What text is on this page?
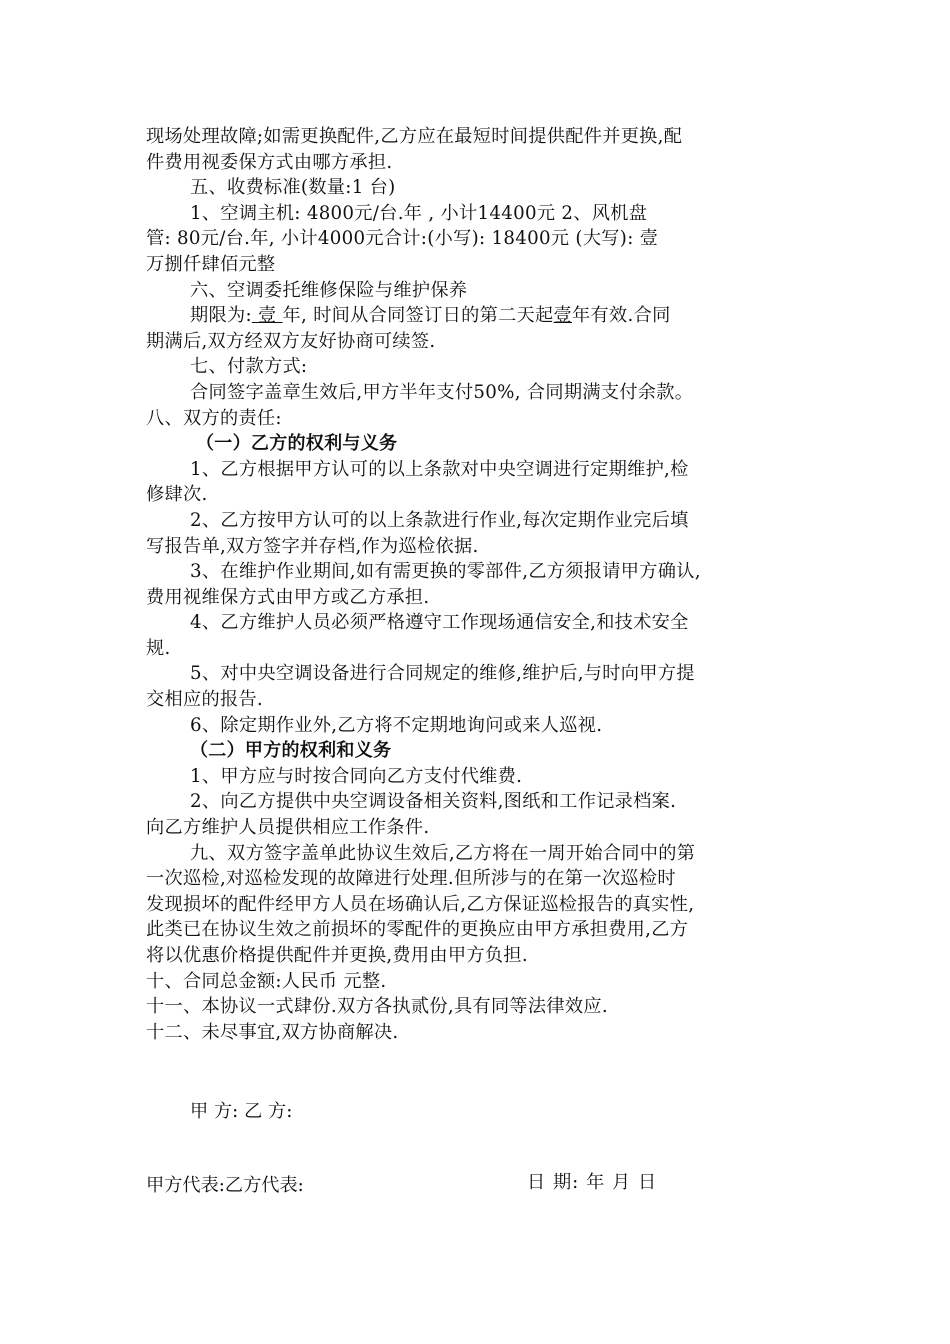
现场处理故障;如需更换配件,乙方应在最短时间提供配件并更换,配
件费用视委保方式由哪方承担.
五、收费标准(数量:1 台)
1、空调主机: 4800元/台.年 , 小计14400元 2、风机盘
管: 80元/台.年, 小计4000元合计:(小写): 18400元 (大写): 壹
万捌仟肆佰元整
六、空调委托维修保险与维护保养
期限为: 壹 年, 时间从合同签订日的第二天起壹年有效.合同
期满后,双方经双方友好协商可续签.
七、付款方式:
合同签字盖章生效后,甲方半年支付50%, 合同期满支付余款。
八、双方的责任:
（一）乙方的权利与义务
1、乙方根据甲方认可的以上条款对中央空调进行定期维护,检
修肆次.
2、乙方按甲方认可的以上条款进行作业,每次定期作业完后填
写报告单,双方签字并存档,作为巡检依据.
3、在维护作业期间,如有需更换的零部件,乙方须报请甲方确认,
费用视维保方式由甲方或乙方承担.
4、乙方维护人员必须严格遵守工作现场通信安全,和技术安全
规.
5、对中央空调设备进行合同规定的维修,维护后,与时向甲方提
交相应的报告.
6、除定期作业外,乙方将不定期地询问或来人巡视.
（二）甲方的权利和义务
1、甲方应与时按合同向乙方支付代维费.
2、向乙方提供中央空调设备相关资料,图纸和工作记录档案.
向乙方维护人员提供相应工作条件.
九、双方签字盖单此协议生效后,乙方将在一周开始合同中的第
一次巡检,对巡检发现的故障进行处理.但所涉与的在第一次巡检时
发现损坏的配件经甲方人员在场确认后,乙方保证巡检报告的真实性,
此类已在协议生效之前损坏的零配件的更换应由甲方承担费用,乙方
将以优惠价格提供配件并更换,费用由甲方负担.
十、合同总金额:人民币 元整.
十一、本协议一式肆份.双方各执贰份,具有同等法律效应.
十二、未尽事宜,双方协商解决.
甲 方: 乙 方:
甲方代表:乙方代表:	日 期: 年 月 日
